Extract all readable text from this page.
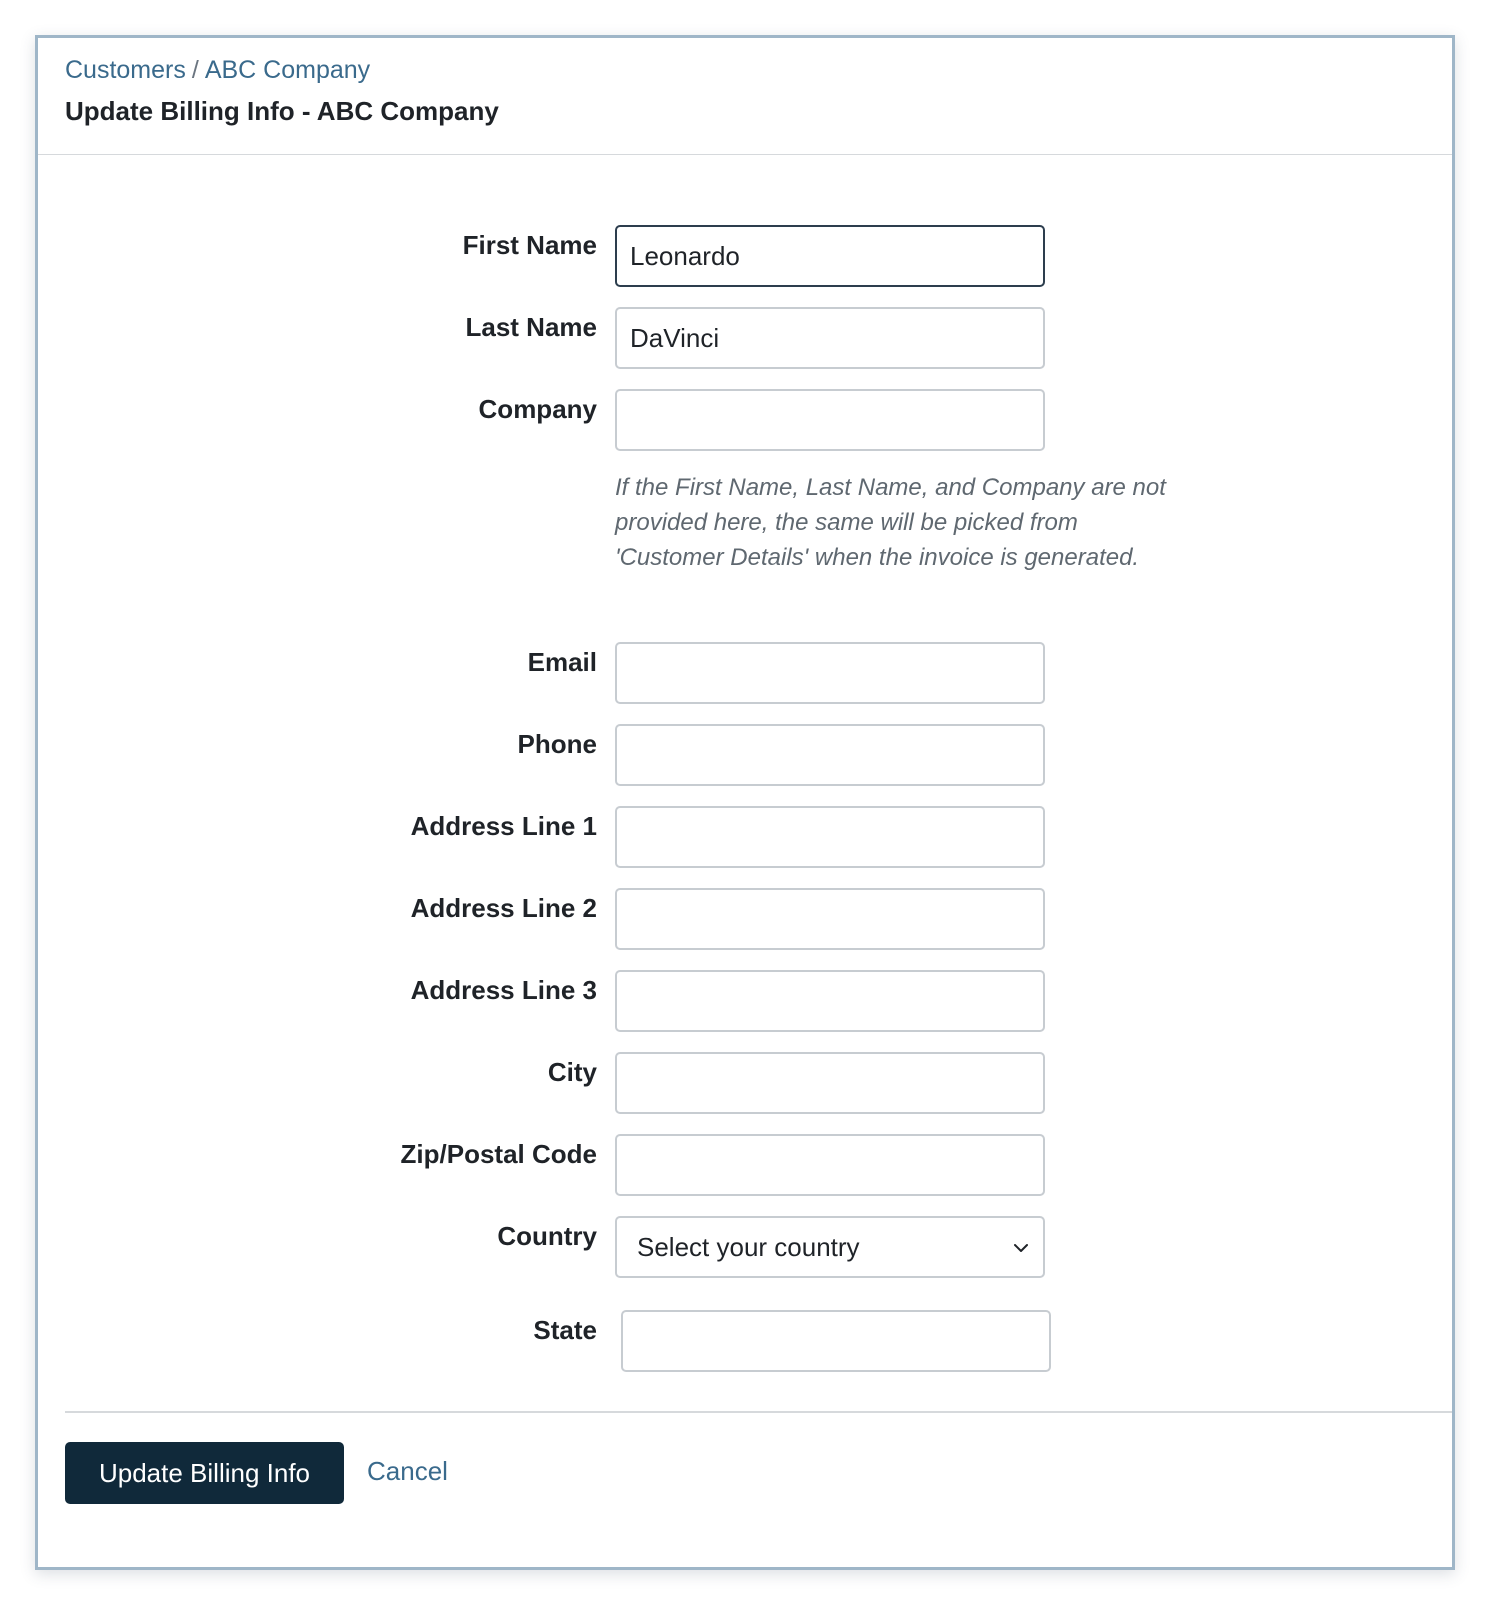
Customers / ABC Company
Update Billing Info - ABC Company
First Name
Leonardo
Last Name
DaVinci
Company
If the First Name, Last Name, and Company are not provided here, the same will be picked from 'Customer Details' when the invoice is generated.
Email
Phone
Address Line 1
Address Line 2
Address Line 3
City
Zip/Postal Code
Country Select your country
State
Update Billing Info	Cancel
